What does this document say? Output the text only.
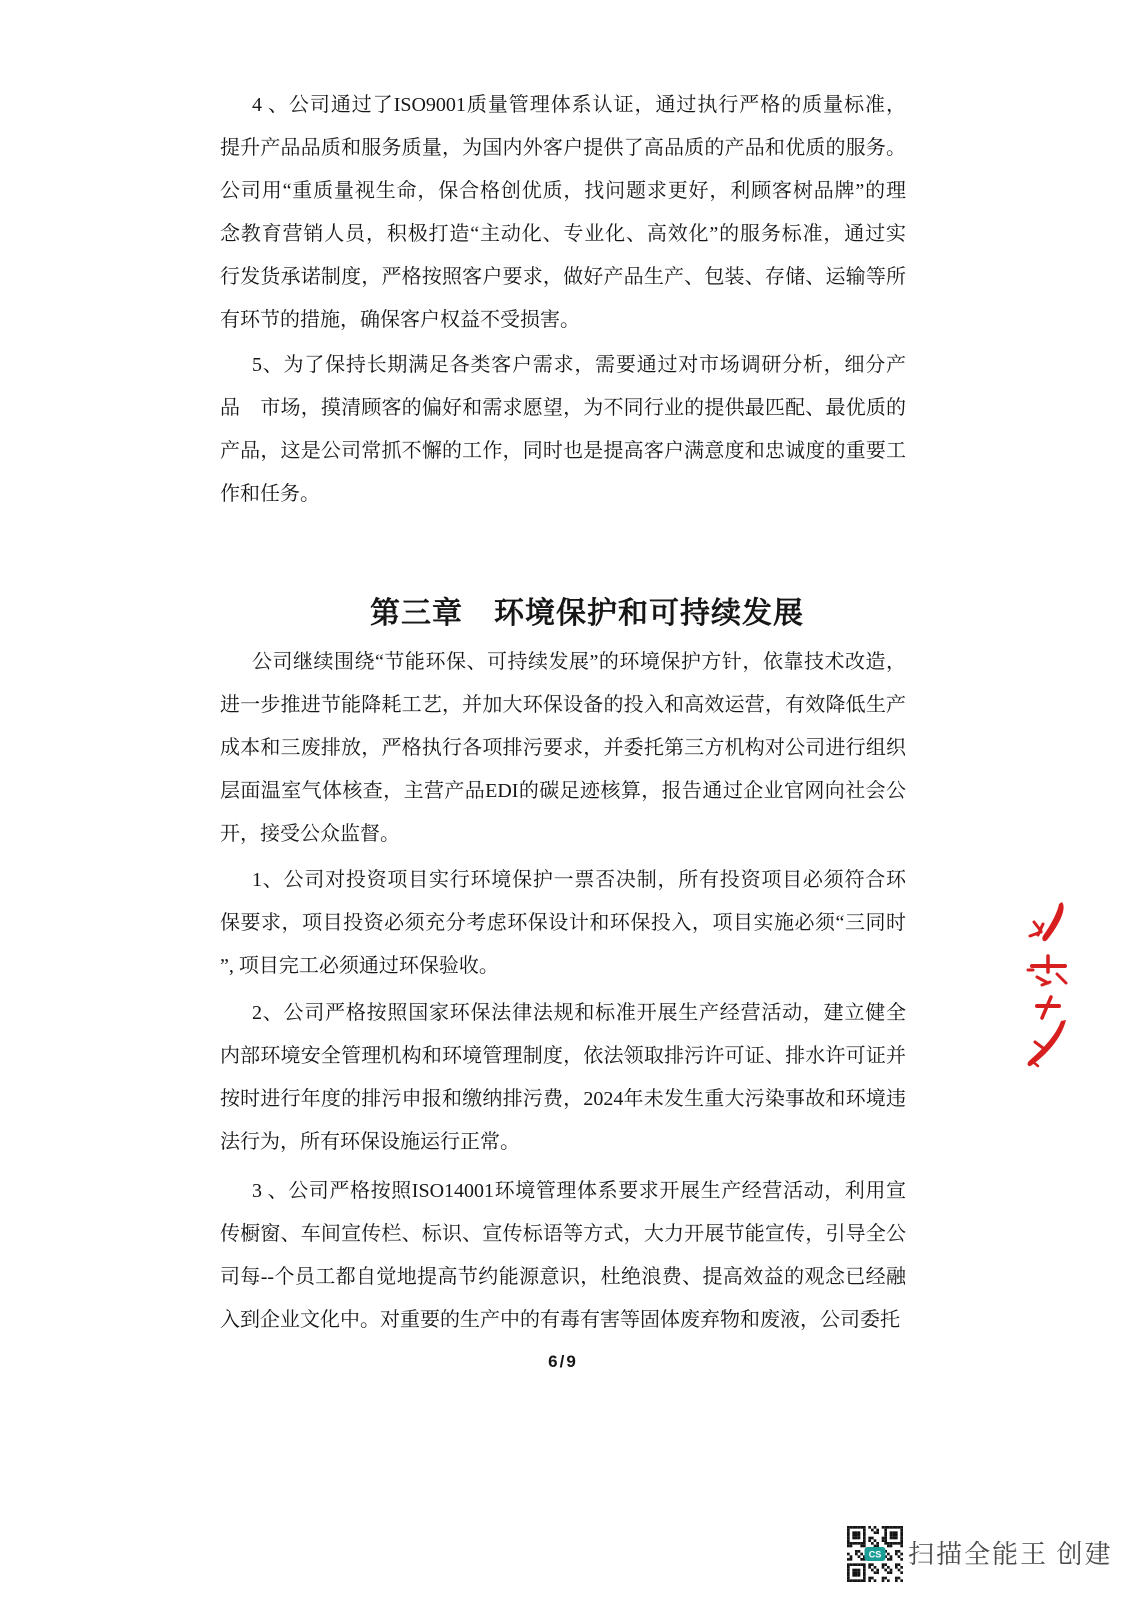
4 、公司通过了ISO9001质量管理体系认证，通过执行严格的质量标准，
提升产品品质和服务质量，为国内外客户提供了高品质的产品和优质的服务。
公司用“重质量视生命，保合格创优质，找问题求更好，利顾客树品牌”的理
念教育营销人员，积极打造“主动化、专业化、高效化”的服务标准，通过实
行发货承诺制度，严格按照客户要求，做好产品生产、包装、存储、运输等所
有环节的措施，确保客户权益不受损害。
5、为了保持长期满足各类客户需求，需要通过对市场调研分析，细分产
品　市场，摸清顾客的偏好和需求愿望，为不同行业的提供最匹配、最优质的
产品，这是公司常抓不懈的工作，同时也是提高客户满意度和忠诚度的重要工
作和任务。
第三章　环境保护和可持续发展
公司继续围绕“节能环保、可持续发展”的环境保护方针，依靠技术改造，
进一步推进节能降耗工艺，并加大环保设备的投入和高效运营，有效降低生产
成本和三废排放，严格执行各项排污要求，并委托第三方机构对公司进行组织
层面温室气体核查，主营产品EDI的碳足迹核算，报告通过企业官网向社会公
开，接受公众监督。
1、公司对投资项目实行环境保护一票否决制，所有投资项目必须符合环
保要求，项目投资必须充分考虑环保设计和环保投入，项目实施必须“三同时
”, 项目完工必须通过环保验收。
2、公司严格按照国家环保法律法规和标准开展生产经营活动，建立健全
内部环境安全管理机构和环境管理制度，依法领取排污许可证、排水许可证并
按时进行年度的排污申报和缴纳排污费，2024年未发生重大污染事故和环境违
法行为，所有环保设施运行正常。
3 、公司严格按照ISO14001环境管理体系要求开展生产经营活动，利用宣
传橱窗、车间宣传栏、标识、宣传标语等方式，大力开展节能宣传，引导全公
司每--个员工都自觉地提高节约能源意识，杜绝浪费、提高效益的观念已经融
入到企业文化中。对重要的生产中的有毒有害等固体废弃物和废液，公司委托
6/9
CS 扫描全能王 创建
